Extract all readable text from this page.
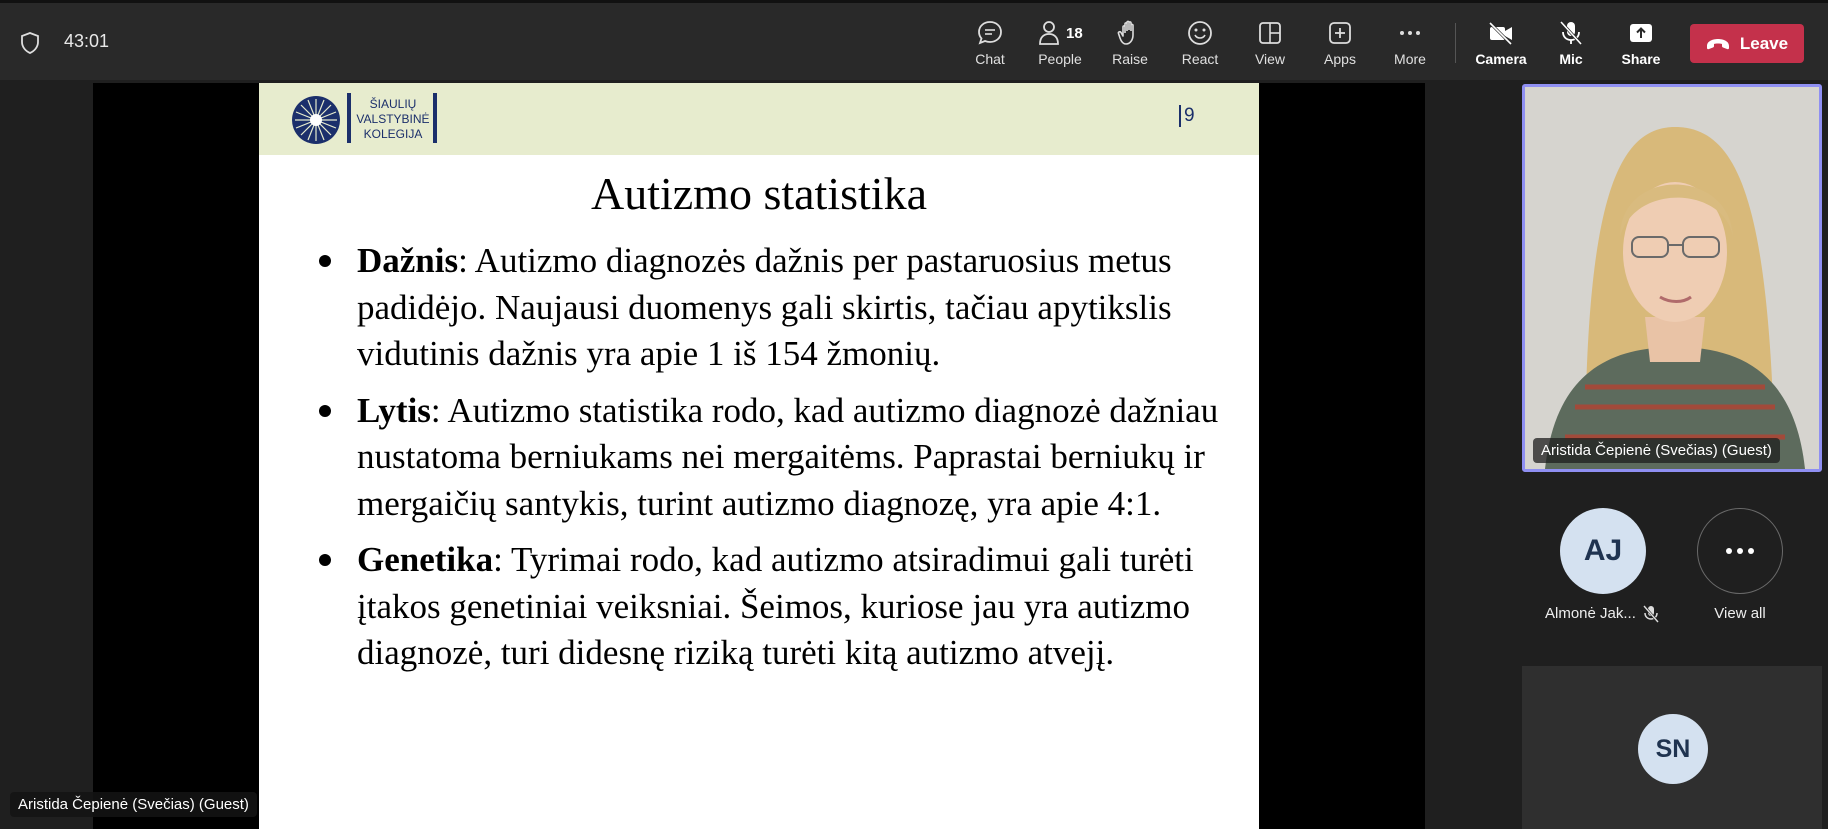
43:01
Chat
18
People	Raise	React	View	Apps	More	Camera	Mic	Share
Leave
ŠIAULIŲ
VALSTYBINĖ
KOLEGIJA
9
Autizmo statistika
Dažnis: Autizmo diagnozės dažnis per pastaruosius metus padidėjo. Naujausi duomenys gali skirtis, tačiau apytikslis vidutinis dažnis yra apie 1 iš 154 žmonių.
Lytis: Autizmo statistika rodo, kad autizmo diagnozė dažniau nustatoma berniukams nei mergaitėms. Paprastai berniukų ir mergaičių santykis, turint autizmo diagnozę, yra apie 4:1.
Genetika: Tyrimai rodo, kad autizmo atsiradimui gali turėti įtakos genetiniai veiksniai. Šeimos, kuriose jau yra autizmo diagnozė, turi didesnę riziką turėti kitą autizmo atvejį.
Aristida Čepienė (Svečias) (Guest)
Aristida Čepienė (Svečias) (Guest)
AJ
Almonė Jak...	View all
SN
